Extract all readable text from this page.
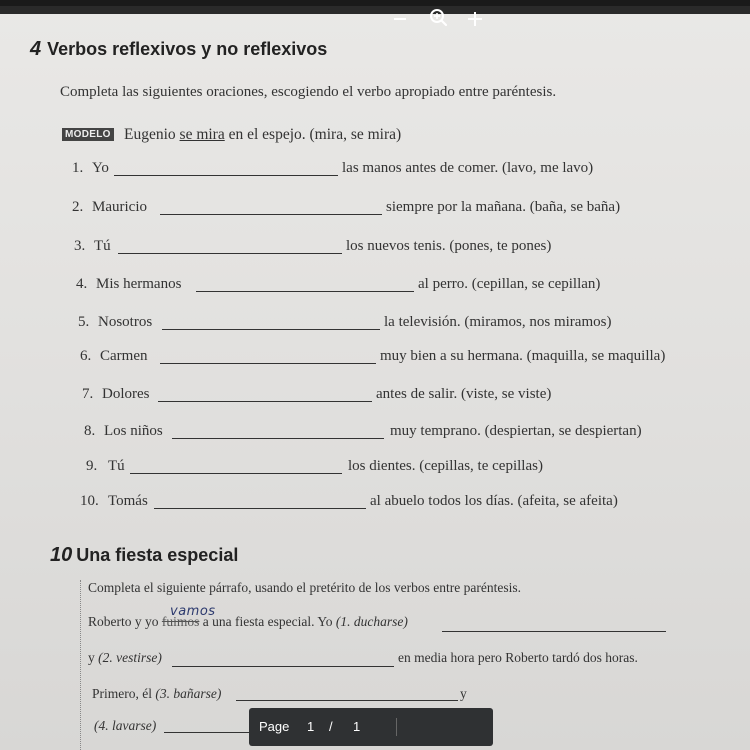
4 Verbos reflexivos y no reflexivos
Completa las siguientes oraciones, escogiendo el verbo apropiado entre paréntesis.
MODELO Eugenio se mira en el espejo. (mira, se mira)
1. Yo	las manos antes de comer. (lavo, me lavo)
2. Mauricio	siempre por la mañana. (baña, se baña)
3. Tú	los nuevos tenis. (pones, te pones)
4. Mis hermanos	al perro. (cepillan, se cepillan)
5. Nosotros	la televisión. (miramos, nos miramos)
6. Carmen	muy bien a su hermana. (maquilla, se maquilla)
7. Dolores	antes de salir. (viste, se viste)
8. Los niños	muy temprano. (despiertan, se despiertan)
9. Tú	los dientes. (cepillas, te cepillas)
10. Tomás	al abuelo todos los días. (afeita, se afeita)
10 Una fiesta especial
Completa el siguiente párrafo, usando el pretérito de los verbos entre paréntesis.
vamos
Roberto y yo fuimos a una fiesta especial. Yo (1. ducharse)
y (2. vestirse)	en media hora pero Roberto tardó dos horas.
Primero, él (3. bañarse)	y
(4. lavarse)	Page 1 / 1
